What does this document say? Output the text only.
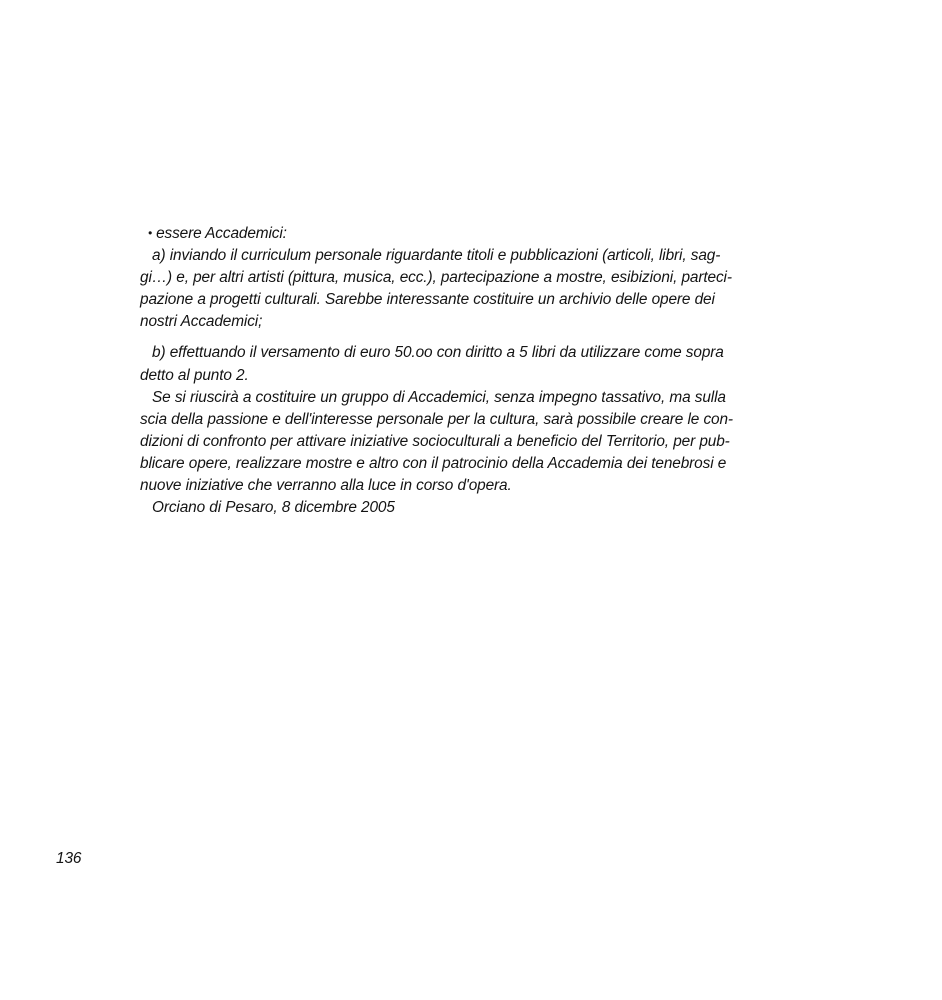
• essere Accademici:

a) inviando il curriculum personale riguardante titoli e pubblicazioni (articoli, libri, sag-

gi…) e, per altri artisti (pittura, musica, ecc.), partecipazione a mostre, esibizioni, parteci-

pazione a progetti culturali. Sarebbe interessante costituire un archivio delle opere dei

nostri Accademici;

b) effettuando il versamento di euro 50.oo con diritto a 5 libri da utilizzare come sopra

detto al punto 2.

Se si riuscirà a costituire un gruppo di Accademici, senza impegno tassativo, ma sulla

scia della passione e dell'interesse personale per la cultura, sarà possibile creare le con-

dizioni di confronto per attivare iniziative socioculturali a beneficio del Territorio, per pub-

blicare opere, realizzare mostre e altro con il patrocinio della Accademia dei tenebrosi e

nuove iniziative che verranno alla luce in corso d'opera.

Orciano di Pesaro, 8 dicembre 2005

136
